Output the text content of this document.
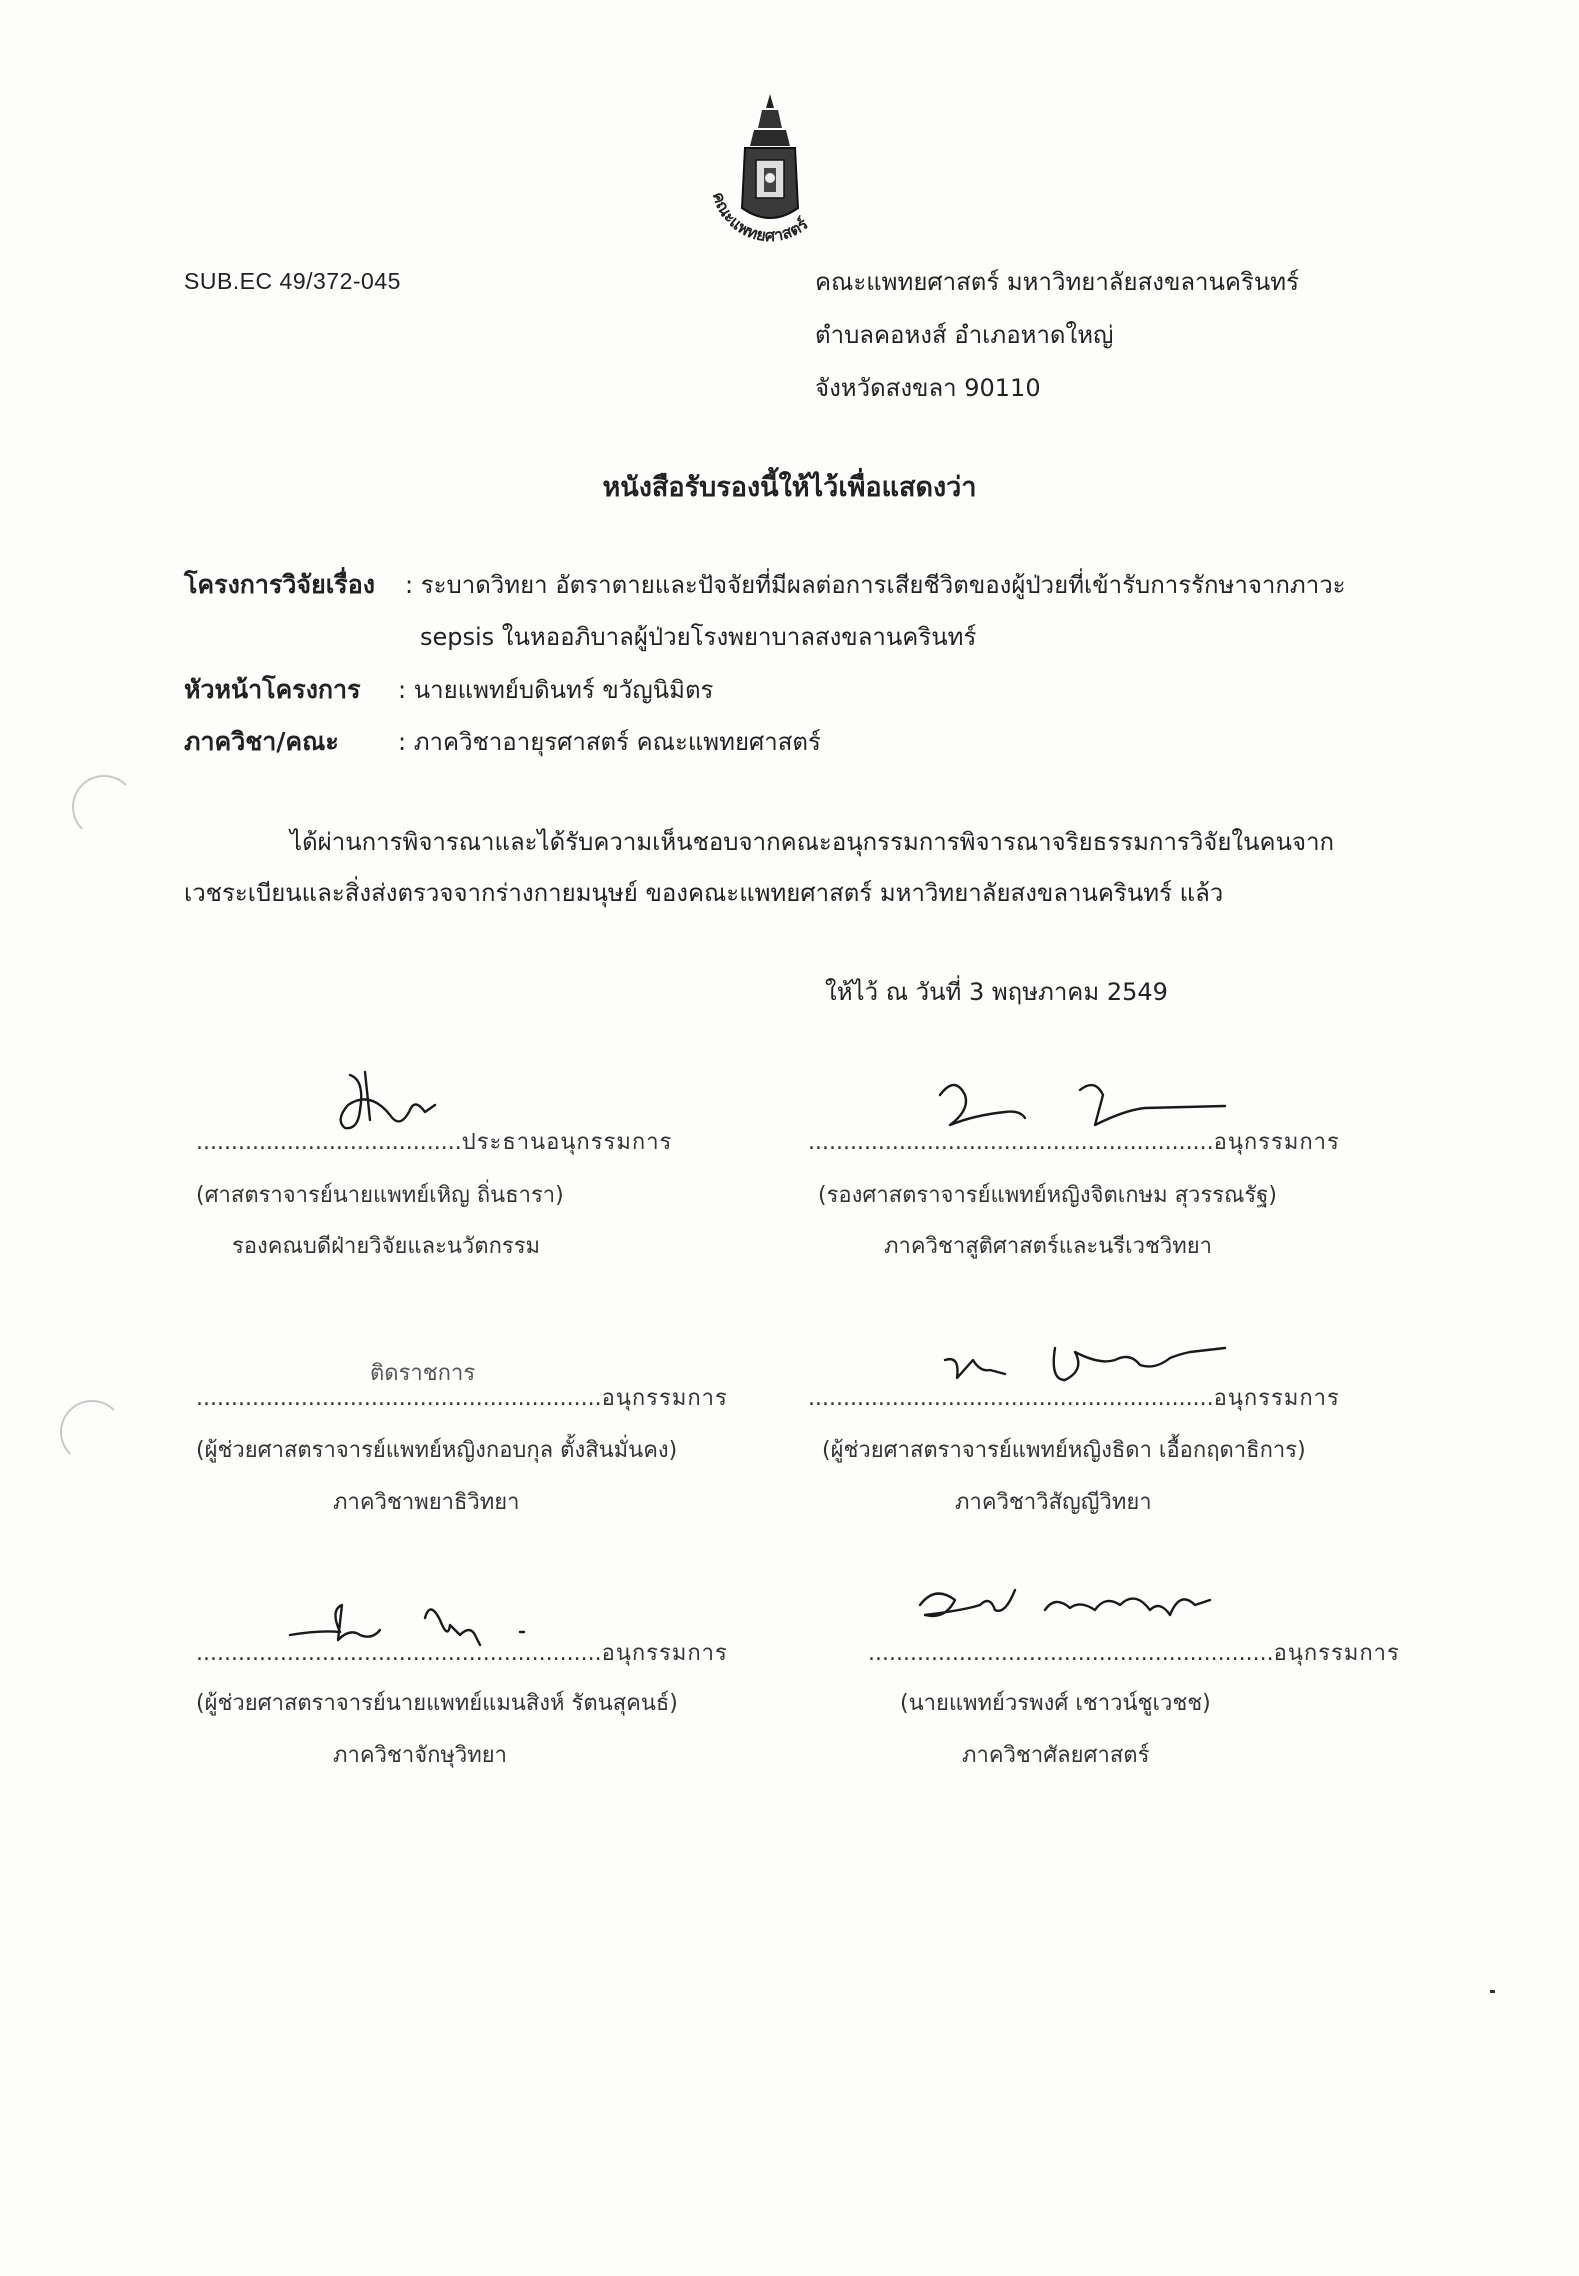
คณะแพทยศาสตร์
SUB.EC 49/372-045	คณะแพทยศาสตร์ มหาวิทยาลัยสงขลานครินทร์
ตำบลคอหงส์ อำเภอหาดใหญ่
จังหวัดสงขลา 90110
หนังสือรับรองนี้ให้ไว้เพื่อแสดงว่า
โครงการวิจัยเรื่อง : ระบาดวิทยา อัตราตายและปัจจัยที่มีผลต่อการเสียชีวิตของผู้ป่วยที่เข้ารับการรักษาจากภาวะ
sepsis ในหออภิบาลผู้ป่วยโรงพยาบาลสงขลานครินทร์
หัวหน้าโครงการ : นายแพทย์บดินทร์ ขวัญนิมิตร
ภาควิชา/คณะ : ภาควิชาอายุรศาสตร์ คณะแพทยศาสตร์
ได้ผ่านการพิจารณาและได้รับความเห็นชอบจากคณะอนุกรรมการพิจารณาจริยธรรมการวิจัยในคนจาก
เวชระเบียนและสิ่งส่งตรวจจากร่างกายมนุษย์ ของคณะแพทยศาสตร์ มหาวิทยาลัยสงขลานครินทร์ แล้ว
ให้ไว้ ณ วันที่ 3 พฤษภาคม 2549
......................................ประธานอนุกรรมการ
(ศาสตราจารย์นายแพทย์เหิญ ถิ่นธารา)
รองคณบดีฝ่ายวิจัยและนวัตกรรม
..........................................................อนุกรรมการ
(รองศาสตราจารย์แพทย์หญิงจิตเกษม สุวรรณรัฐ)
ภาควิชาสูติศาสตร์และนรีเวชวิทยา
ติดราชการ
..........................................................อนุกรรมการ
(ผู้ช่วยศาสตราจารย์แพทย์หญิงกอบกุล ตั้งสินมั่นคง)
ภาควิชาพยาธิวิทยา
..........................................................อนุกรรมการ
(ผู้ช่วยศาสตราจารย์แพทย์หญิงธิดา เอื้อกฤดาธิการ)
ภาควิชาวิสัญญีวิทยา
..........................................................อนุกรรมการ
(ผู้ช่วยศาสตราจารย์นายแพทย์แมนสิงห์ รัตนสุคนธ์)
ภาควิชาจักษุวิทยา
..........................................................อนุกรรมการ
(นายแพทย์วรพงศ์ เชาวน์ชูเวชช)
ภาควิชาศัลยศาสตร์
